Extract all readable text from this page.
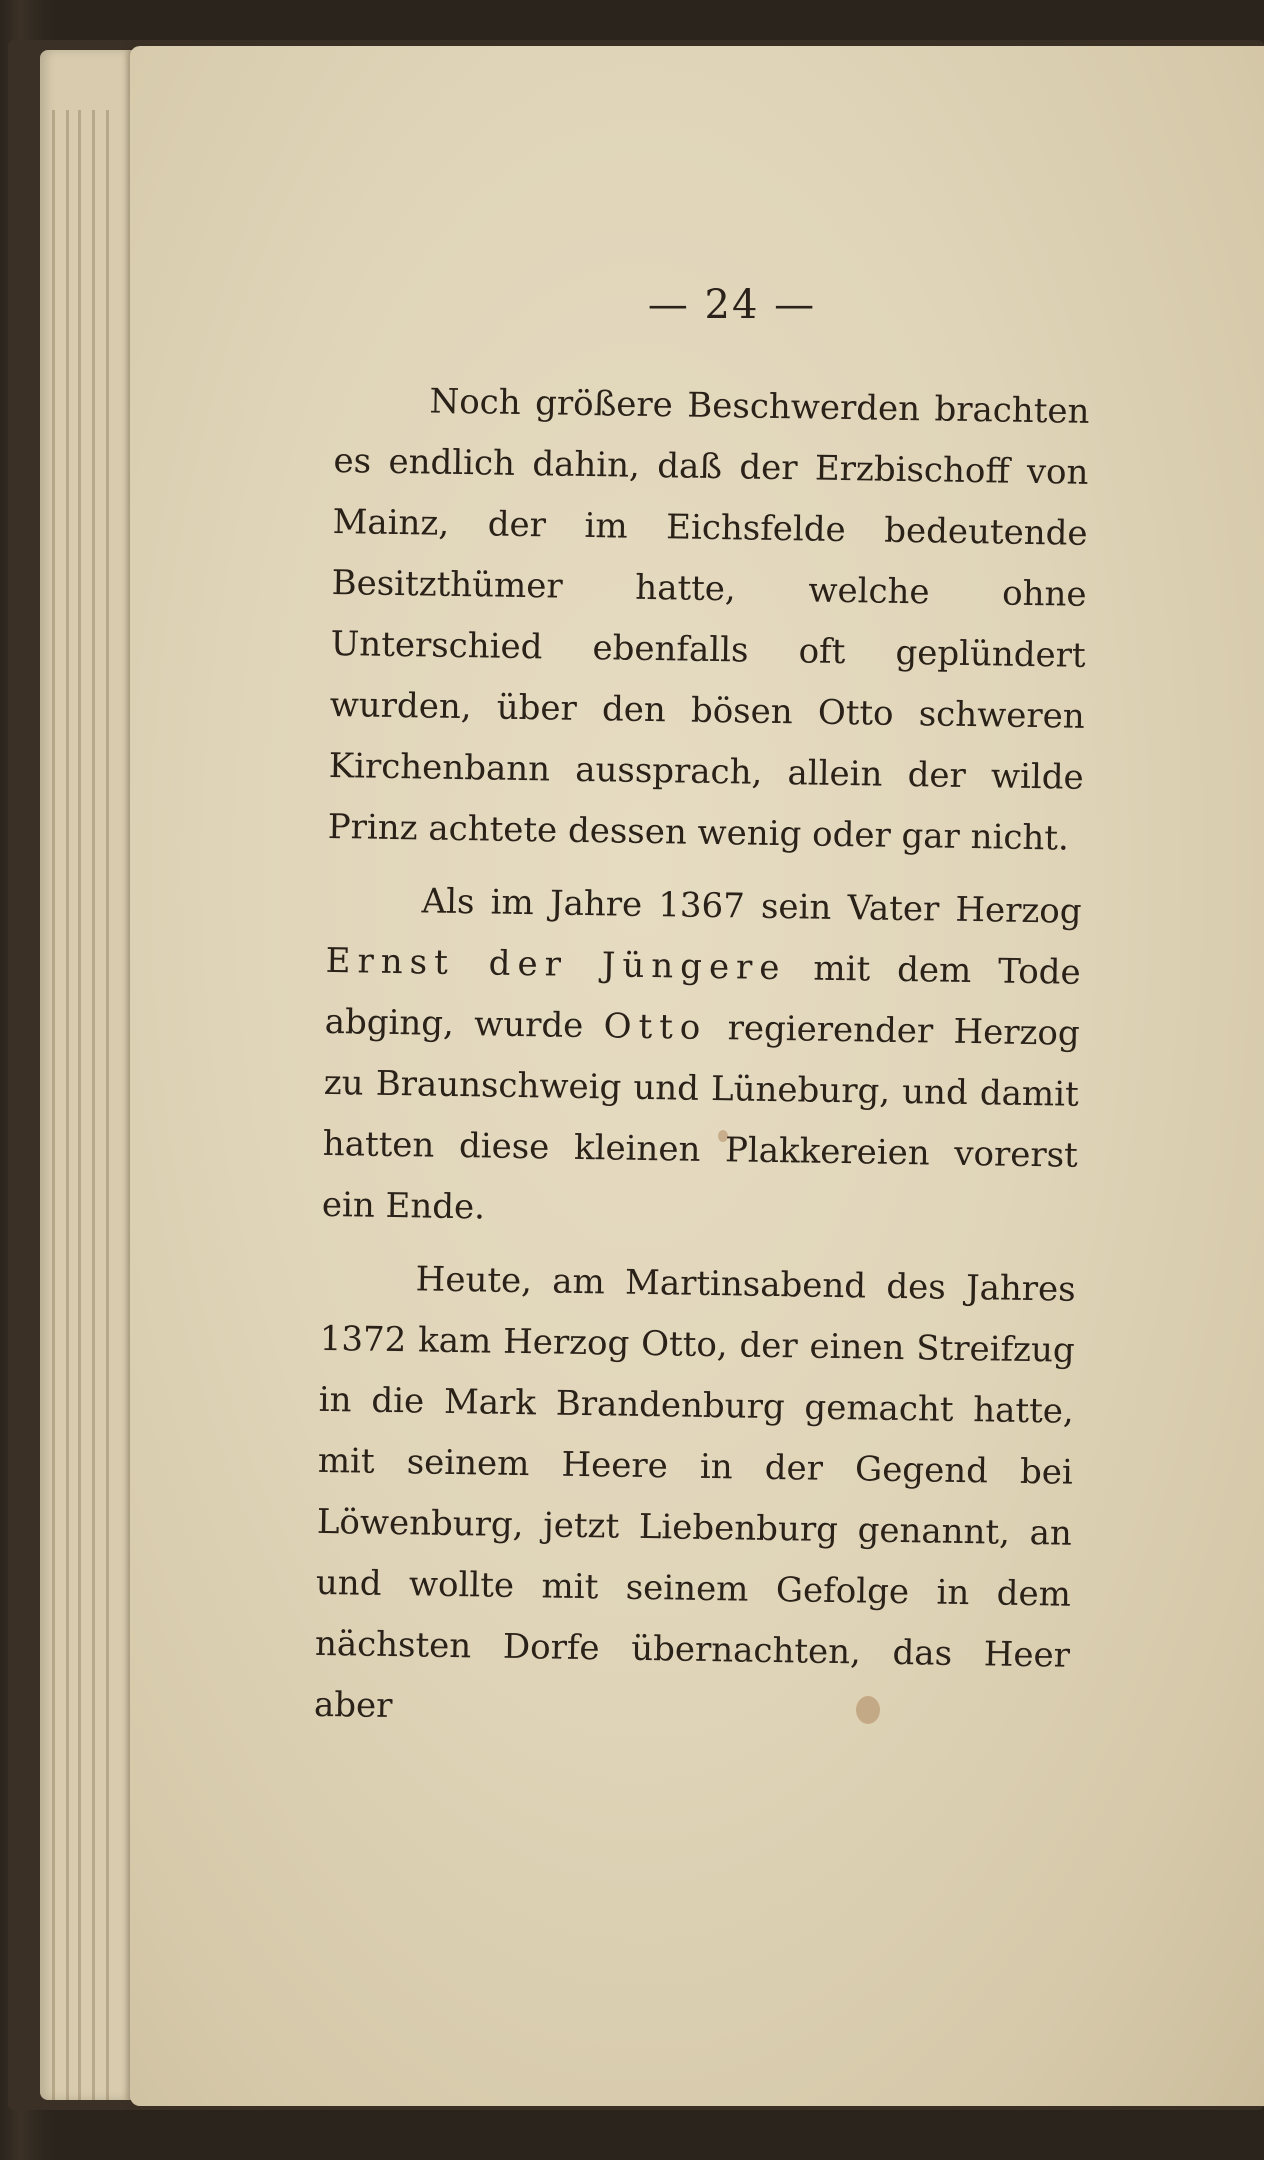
— 24 —

Noch größere Beschwerden brachten es endlich dahin, daß der Erzbischoff von Mainz, der im Eichsfelde bedeutende Besitzthümer hatte, welche ohne Unterschied ebenfalls oft geplündert wurden, über den bösen Otto schweren Kirchenbann aussprach, allein der wilde Prinz achtete dessen wenig oder gar nicht.

Als im Jahre 1367 sein Vater Herzog Ernst der Jüngere mit dem Tode abging, wurde Otto regierender Herzog zu Braunschweig und Lüneburg, und damit hatten diese kleinen Plakkereien vorerst ein Ende.

Heute, am Martinsabend des Jahres 1372 kam Herzog Otto, der einen Streifzug in die Mark Brandenburg gemacht hatte, mit seinem Heere in der Gegend bei Löwenburg, jetzt Liebenburg genannt, an und wollte mit seinem Gefolge in dem nächsten Dorfe übernachten, das Heer aber
